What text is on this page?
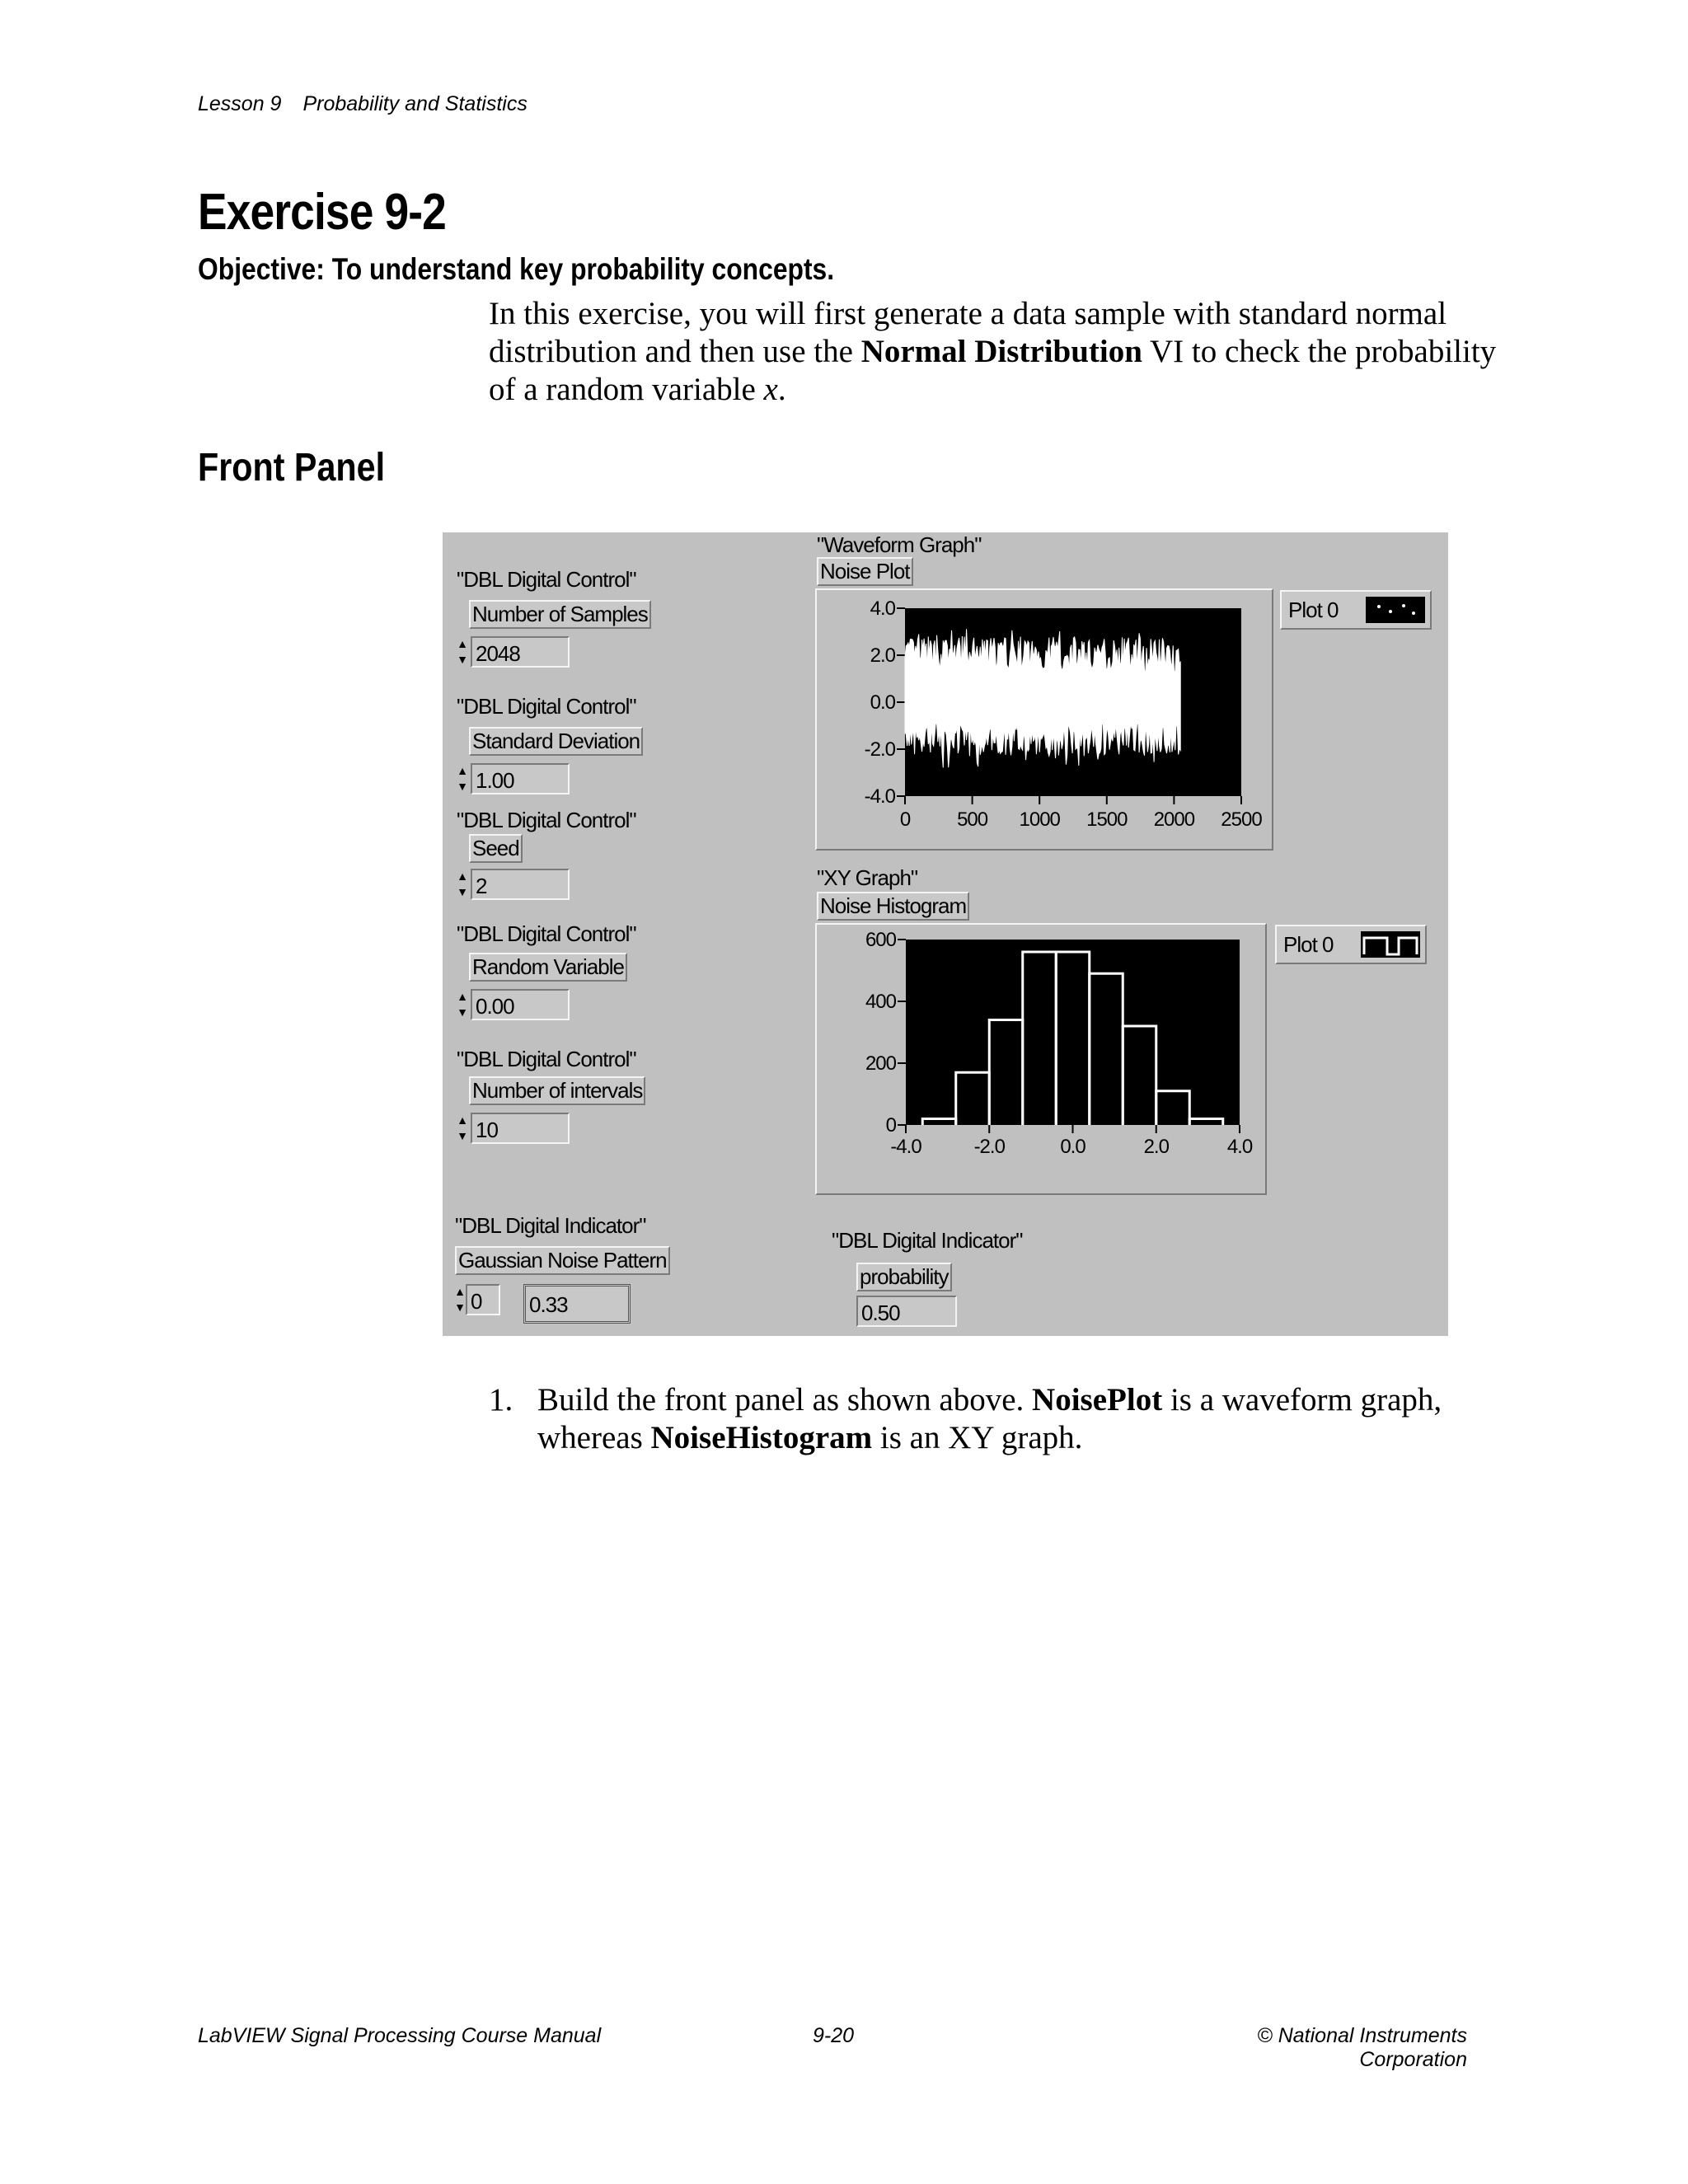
Lesson 9 Probability and Statistics
Exercise 9-2
Objective: To understand key probability concepts.
In this exercise, you will first generate a data sample with standard normal distribution and then use the Normal Distribution VI to check the probability of a random variable x.
Front Panel
"DBL Digital Control"
Number of Samples
▲
▼ 2048
"DBL Digital Control"
Standard Deviation
▲
▼ 1.00
"DBL Digital Control"
Seed
▲
▼ 2
"DBL Digital Control"
Random Variable
▲
▼ 0.00
"DBL Digital Control"
Number of intervals
▲
▼ 10
"DBL Digital Indicator"
Gaussian Noise Pattern
▲
▼ 0	0.33
"Waveform Graph"
Noise Plot
4.0
2.0
0.0
-2.0
-4.0
0 500 1000 1500 2000 2500
Plot 0
"XY Graph"
Noise Histogram
600
400
200
0
-4.0	-2.0	0.0	2.0	4.0
Plot 0
"DBL Digital Indicator"
probability
0.50
1. Build the front panel as shown above. NoisePlot is a waveform graph, whereas NoiseHistogram is an XY graph.
LabVIEW Signal Processing Course Manual	9-20	© National Instruments Corporation
